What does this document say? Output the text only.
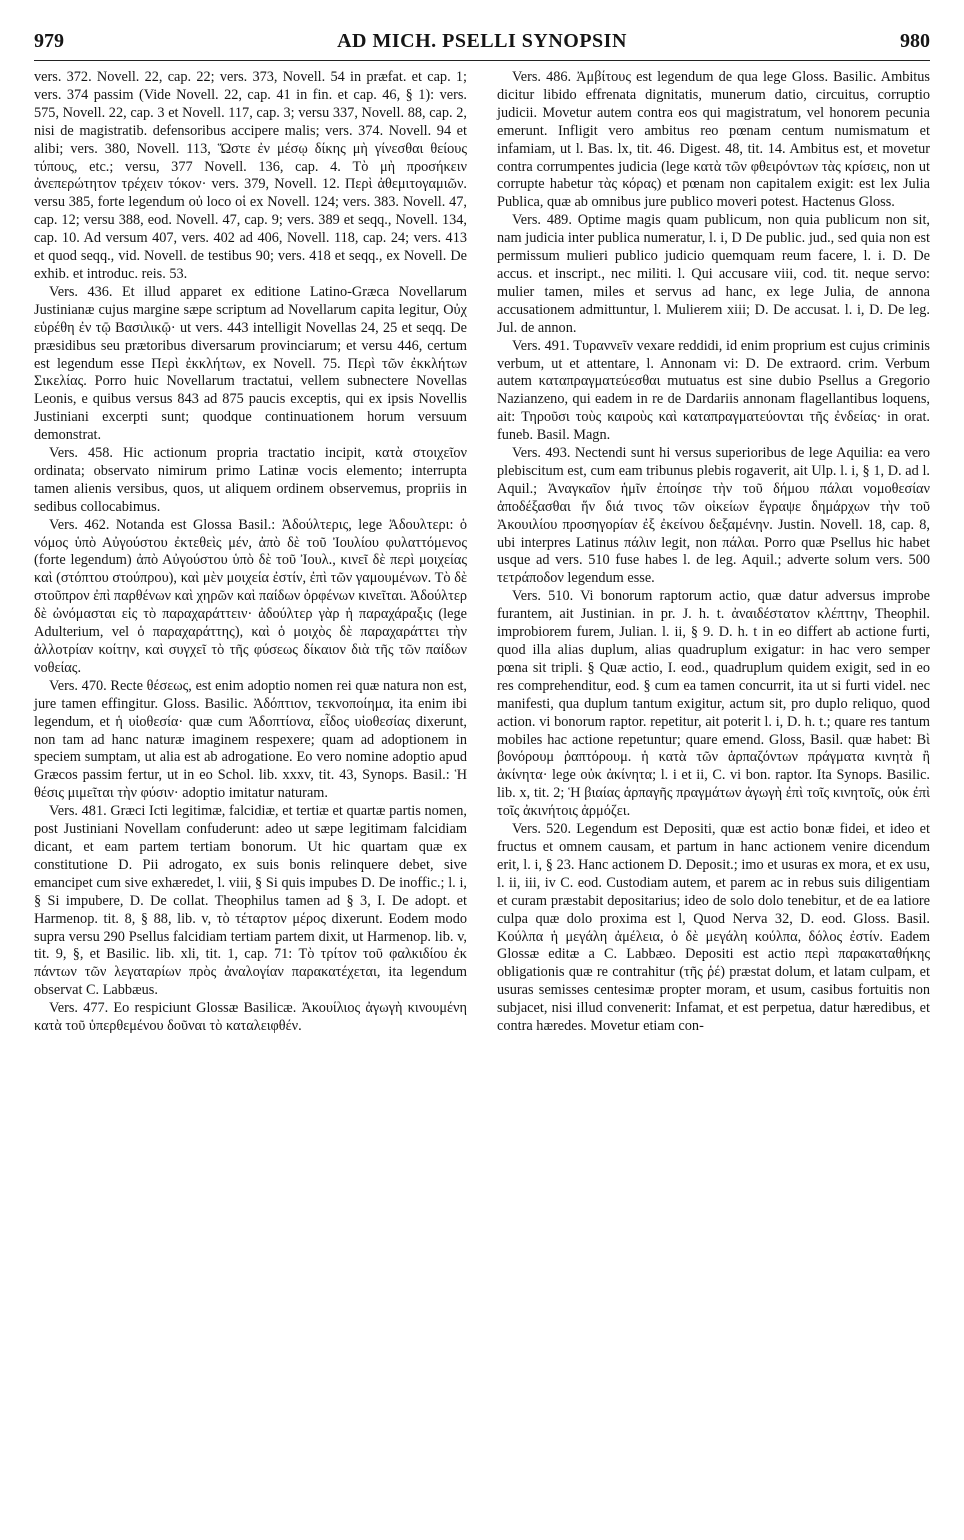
979	AD MICH. PSELLI SYNOPSIN	980

vers. 372. Novell. 22, cap. 22; vers. 373, Novell. 54 in præfat. et cap. 1; vers. 374 passim (Vide Novell. 22, cap. 41 in fin. et cap. 46, § 1): vers. 575, Novell. 22, cap. 3 et Novell. 117, cap. 3; versu 337, Novell. 88, cap. 2, nisi de magistratib. defensoribus accipere malis; vers. 374. Novell. 94 et alibi; vers. 380, Novell. 113, Ὥστε ἐν μέσῳ δίκης μὴ γίνεσθαι θείους τύπους, etc.; versu, 377 Novell. 136, cap. 4. Τὸ μὴ προσήκειν ἀνεπερώτητον τρέχειν τόκον· vers. 379, Novell. 12. Περὶ ἀθεμιτογαμιῶν. versu 385, forte legendum οὐ loco οἱ ex Novell. 124; vers. 383. Novell. 47, cap. 12; versu 388, eod. Novell. 47, cap. 9; vers. 389 et seqq., Novell. 134, cap. 10. Ad versum 407, vers. 402 ad 406, Novell. 118, cap. 24; vers. 413 et quod seqq., vid. Novell. de testibus 90; vers. 418 et seqq., ex Novell. De exhib. et introduc. reis. 53.

Vers. 436. Et illud apparet ex editione Latino-Græca Novellarum Justinianæ cujus margine sæpe scriptum ad Novellarum capita legitur, Οὐχ εὑρέθη ἐν τῷ Βασιλικῷ· ut vers. 443 intelligit Novellas 24, 25 et seqq. De præsidibus seu prætoribus diversarum provinciarum; et versu 446, certum est legendum esse Περὶ ἐκκλήτων, ex Novell. 75. Περὶ τῶν ἐκκλήτων Σικελίας. Porro huic Novellarum tractatui, vellem subnectere Novellas Leonis, e quibus versus 843 ad 875 paucis exceptis, qui ex ipsis Novellis Justiniani excerpti sunt; quodque continuationem horum versuum demonstrat.

Vers. 458. Hic actionum propria tractatio incipit, κατὰ στοιχεῖον ordinata; observato nimirum primo Latinæ vocis elemento; interrupta tamen alienis versibus, quos, ut aliquem ordinem observemus, propriis in sedibus collocabimus.

Vers. 462. Notanda est Glossa Basil.: Ἀδούλτερις, lege Ἀδουλτερι: ὁ νόμος ὑπὸ Αὐγούστου ἐκτεθεὶς μέν, ἀπὸ δὲ τοῦ Ἰουλίου φυλαττόμενος (forte legendum) ἀπὸ Αὐγούστου ὑπὸ δὲ τοῦ Ἰουλ., κινεῖ δὲ περὶ μοιχείας καὶ (στόπτου στούπρου), καὶ μὲν μοιχεία ἐστίν, ἐπὶ τῶν γαμουμένων. Τὸ δὲ στοῦπρον ἐπὶ παρθένων καὶ χηρῶν καὶ παίδων ὀρφένων κινεῖται. Ἀδούλτερ δὲ ὠνόμασται εἰς τὸ παραχαράττειν· ἀδούλτερ γὰρ ἡ παραχάραξις (lege Adulterium, vel ὁ παραχαράττης), καὶ ὁ μοιχὸς δὲ παραχαράττει τὴν ἀλλοτρίαν κοίτην, καὶ συγχεῖ τὸ τῆς φύσεως δίκαιον διὰ τῆς τῶν παίδων νοθείας.

Vers. 470. Recte θέσεως, est enim adoptio nomen rei quæ natura non est, jure tamen effingitur. Gloss. Basilic. Ἀδόπτιον, τεκνοποίημα, ita enim ibi legendum, et ἡ υἱοθεσία· quæ cum Ἀδοπτίονα, εἶδος υἱοθεσίας dixerunt, non tam ad hanc naturæ imaginem respexere; quam ad adoptionem in speciem sumptam, ut alia est ab adrogatione. Eo vero nomine adoptio apud Græcos passim fertur, ut in eo Schol. lib. xxxv, tit. 43, Synops. Basil.: Ἡ θέσις μιμεῖται τὴν φύσιν· adoptio imitatur naturam.

Vers. 481. Græci Icti legitimæ, falcidiæ, et tertiæ et quartæ partis nomen, post Justiniani Novellam confuderunt: adeo ut sæpe legitimam falcidiam dicant, et eam partem tertiam bonorum. Ut hic quartam quæ ex constitutione D. Pii adrogato, ex suis bonis relinquere debet, sive emancipet cum sive exhæredet, l. viii, § Si quis impubes D. De inoffic.; l. i, § Si impubere, D. De collat. Theophilus tamen ad § 3, I. De adopt. et Harmenop. tit. 8, § 88, lib. v, τὸ τέταρτον μέρος dixerunt. Eodem modo supra versu 290 Psellus falcidiam tertiam partem dixit, ut Harmenop. lib. v, tit. 9, §, et Basilic. lib. xli, tit. 1, cap. 71: Τὸ τρίτον τοῦ φαλκιδίου ἐκ πάντων τῶν λεγαταρίων πρὸς ἀναλογίαν παρακατέχεται, ita legendum observat C. Labbæus.

Vers. 477. Eo respiciunt Glossæ Basilicæ. Ἀκουίλιος ἀγωγὴ κινουμένη κατὰ τοῦ ὑπερθεμένου δοῦναι τὸ καταλειφθέν.

Vers. 486. Ἀμβίτους est legendum de qua lege Gloss. Basilic. Ambitus dicitur libido effrenata dignitatis, munerum datio, circuitus, corruptio judicii. Movetur autem contra eos qui magistratum, vel honorem pecunia emerunt. Infligit vero ambitus reo pœnam centum numismatum et infamiam, ut l. Bas. lx, tit. 46. Digest. 48, tit. 14. Ambitus est, et movetur contra corrumpentes judicia (lege κατὰ τῶν φθειρόντων τὰς κρίσεις, non ut corrupte habetur τὰς κόρας) et pœnam non capitalem exigit: est lex Julia Publica, quæ ab omnibus jure publico moveri potest. Hactenus Gloss.

Vers. 489. Optime magis quam publicum, non quia publicum non sit, nam judicia inter publica numeratur, l. i, D De public. jud., sed quia non est permissum mulieri publico judicio quemquam reum facere, l. i. D. De accus. et inscript., nec militi. l. Qui accusare viii, cod. tit. neque servo: mulier tamen, miles et servus ad hanc, ex lege Julia, de annona accusationem admittuntur, l. Mulierem xiii; D. De accusat. l. i, D. De leg. Jul. de annon.

Vers. 491. Τυραννεῖν vexare reddidi, id enim proprium est cujus criminis verbum, ut et attentare, l. Annonam vi: D. De extraord. crim. Verbum autem καταπραγματεύεσθαι mutuatus est sine dubio Psellus a Gregorio Nazianzeno, qui eadem in re de Dardariis annonam flagellantibus loquens, ait: Τηροῦσι τοὺς καιροὺς καὶ καταπραγματεύονται τῆς ἐνδείας· in orat. funeb. Basil. Magn.

Vers. 493. Nectendi sunt hi versus superioribus de lege Aquilia: ea vero plebiscitum est, cum eam tribunus plebis rogaverit, ait Ulp. l. i, § 1, D. ad l. Aquil.; Ἀναγκαῖον ἡμῖν ἐποίησε τὴν τοῦ δήμου πάλαι νομοθεσίαν ἀποδέξασθαι ἥν διά τινος τῶν οἰκείων ἔγραψε δημάρχων τὴν τοῦ Ἀκουιλίου προσηγορίαν ἐξ ἐκείνου δεξαμένην. Justin. Novell. 18, cap. 8, ubi interpres Latinus πάλιν legit, non πάλαι. Porro quæ Psellus hic habet usque ad vers. 510 fuse habes l. de leg. Aquil.; adverte solum vers. 500 τετράποδον legendum esse.

Vers. 510. Vi bonorum raptorum actio, quæ datur adversus improbe furantem, ait Justinian. in pr. J. h. t. ἀναιδέστατον κλέπτην, Theophil. improbiorem furem, Julian. l. ii, § 9. D. h. t in eo differt ab actione furti, quod illa alias duplum, alias quadruplum exigatur: in hac vero semper pœna sit tripli. § Quæ actio, I. eod., quadruplum quidem exigit, sed in eo res comprehenditur, eod. § cum ea tamen concurrit, ita ut si furti videl. nec manifesti, qua duplum tantum exigitur, actum sit, pro duplo reliquo, quod action. vi bonorum raptor. repetitur, ait poterit l. i, D. h. t.; quare res tantum mobiles hac actione repetuntur; quare emend. Gloss, Basil. quæ habet: Βὶ βονόρουμ ῥαπτόρουμ. ἡ κατὰ τῶν ἁρπαζόντων πράγματα κινητὰ ἢ ἀκίνητα· lege οὐκ ἀκίνητα; l. i et ii, C. vi bon. raptor. Ita Synops. Basilic. lib. x, tit. 2; Ἡ βιαίας ἁρπαγῆς πραγμάτων ἀγωγὴ ἐπὶ τοῖς κινητοῖς, οὐκ ἐπὶ τοῖς ἀκινήτοις ἁρμόζει.

Vers. 520. Legendum est Depositi, quæ est actio bonæ fidei, et ideo et fructus et omnem causam, et partum in hanc actionem venire dicendum erit, l. i, § 23. Hanc actionem D. Deposit.; imo et usuras ex mora, et ex usu, l. ii, iii, iv C. eod. Custodiam autem, et parem ac in rebus suis diligentiam et curam præstabit depositarius; ideo de solo dolo tenebitur, et de ea latiore culpa quæ dolo proxima est l, Quod Nerva 32, D. eod. Gloss. Basil. Κούλπα ἡ μεγάλη ἀμέλεια, ὁ δὲ μεγάλη κούλπα, δόλος ἐστίν. Eadem Glossæ editæ a C. Labbæo. Depositi est actio περὶ παρακαταθήκης obligationis quæ re contrahitur (τῆς ῥέ) præstat dolum, et latam culpam, et usuras semisses centesimæ propter moram, et usum, casibus fortuitis non subjacet, nisi illud convenerit: Infamat, et est perpetua, datur hæredibus, et contra hæredes. Movetur etiam con-
